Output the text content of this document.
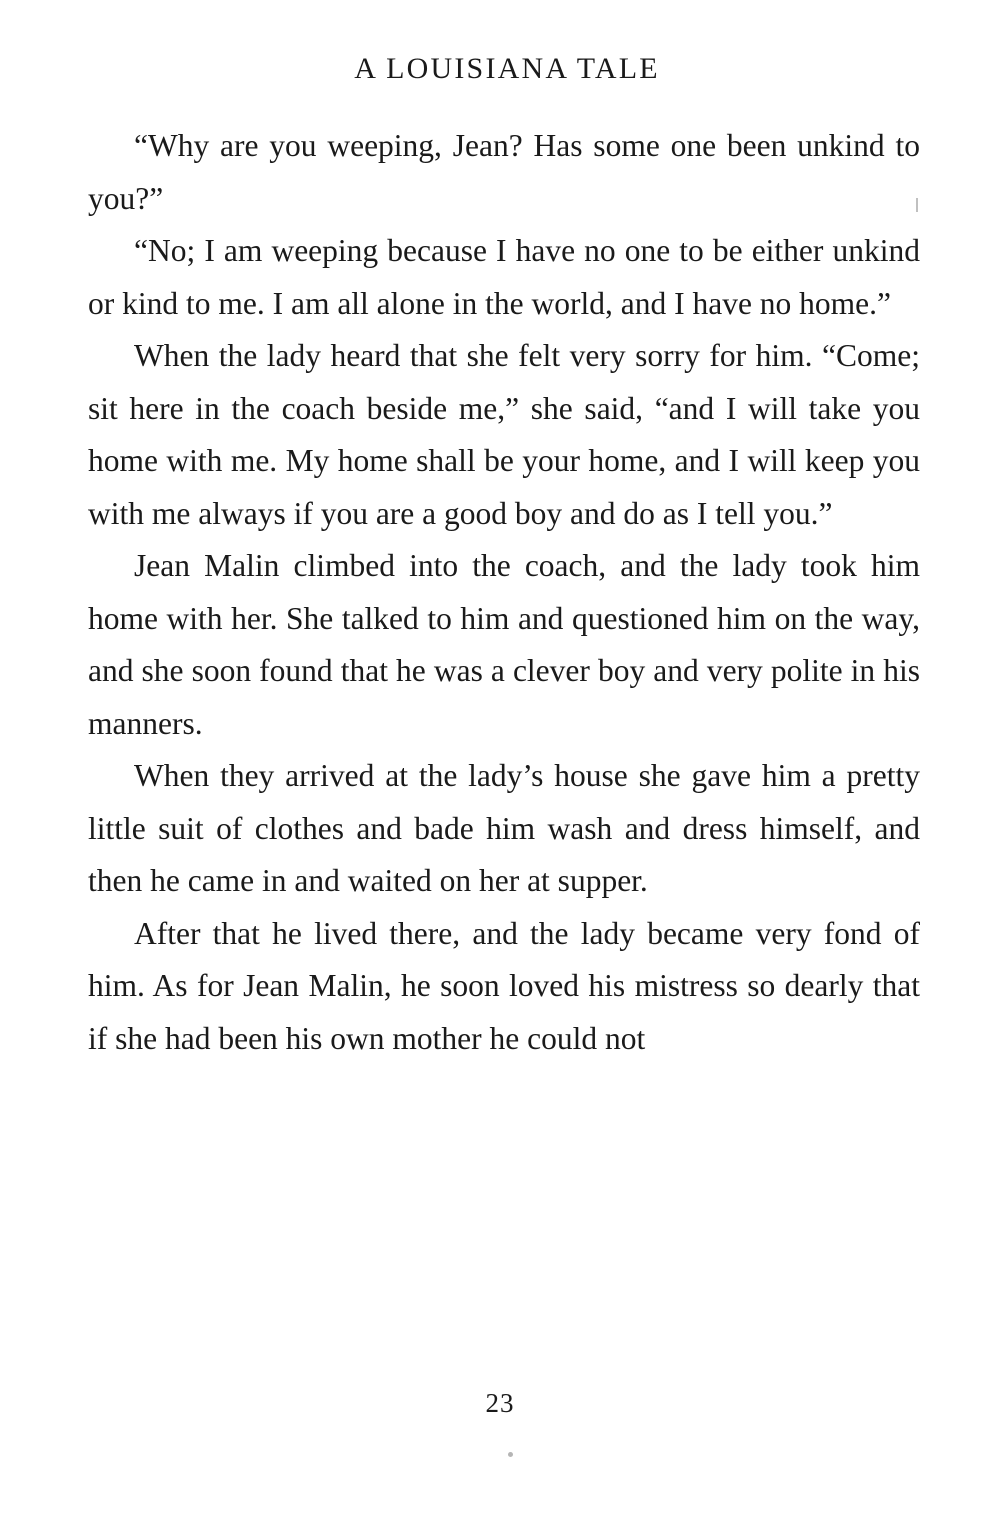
A LOUISIANA TALE

“Why are you weeping, Jean? Has some one been unkind to you?”

“No; I am weeping because I have no one to be either unkind or kind to me. I am all alone in the world, and I have no home.”

When the lady heard that she felt very sorry for him. “Come; sit here in the coach beside me,” she said, “and I will take you home with me. My home shall be your home, and I will keep you with me always if you are a good boy and do as I tell you.”

Jean Malin climbed into the coach, and the lady took him home with her. She talked to him and questioned him on the way, and she soon found that he was a clever boy and very polite in his manners.

When they arrived at the lady’s house she gave him a pretty little suit of clothes and bade him wash and dress himself, and then he came in and waited on her at supper.

After that he lived there, and the lady became very fond of him. As for Jean Malin, he soon loved his mistress so dearly that if she had been his own mother he could not

23
